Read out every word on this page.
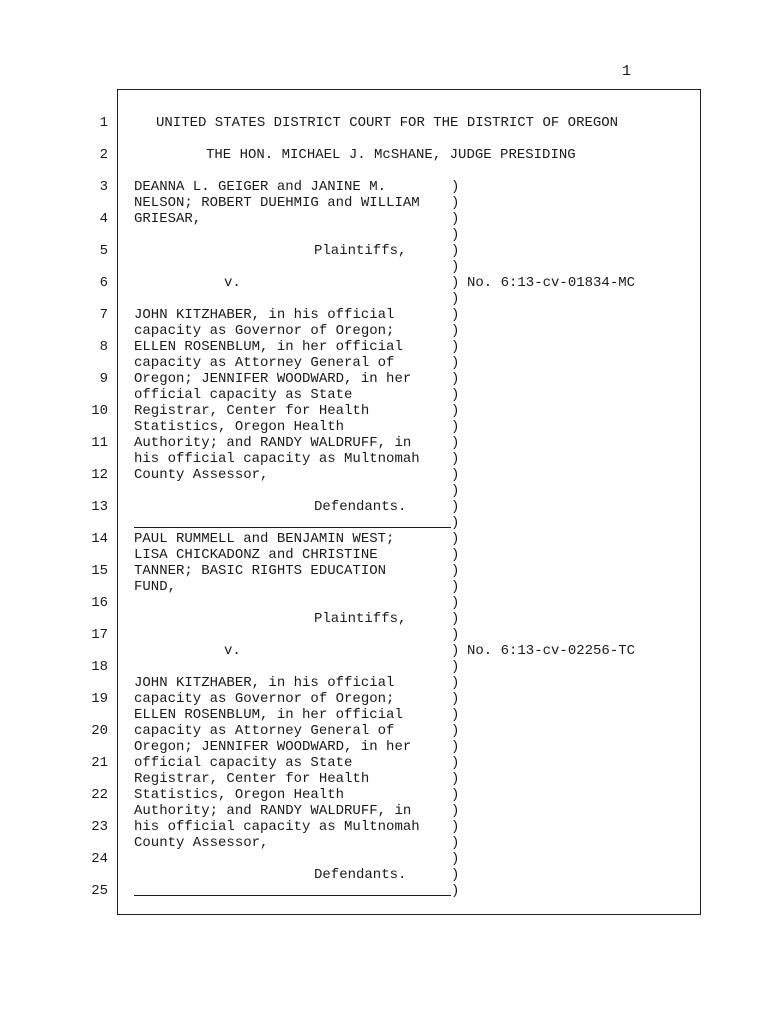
1
1
2
3
4
5
6
7
8
9
10
11
12
13
14
15
16
17
18
19
20
21
22
23
24
25
UNITED STATES DISTRICT COURT FOR THE DISTRICT OF OREGON
THE HON. MICHAEL J. McSHANE, JUDGE PRESIDING
DEANNA L. GEIGER and JANINE M.
NELSON; ROBERT DUEHMIG and WILLIAM
GRIESAR,
Plaintiffs,
v.	No. 6:13-cv-01834-MC
JOHN KITZHABER, in his official
capacity as Governor of Oregon;
ELLEN ROSENBLUM, in her official
capacity as Attorney General of
Oregon; JENNIFER WOODWARD, in her
official capacity as State
Registrar, Center for Health
Statistics, Oregon Health
Authority; and RANDY WALDRUFF, in
his official capacity as Multnomah
County Assessor,
Defendants.
PAUL RUMMELL and BENJAMIN WEST;
LISA CHICKADONZ and CHRISTINE
TANNER; BASIC RIGHTS EDUCATION
FUND,
Plaintiffs,
v.	No. 6:13-cv-02256-TC
JOHN KITZHABER, in his official
capacity as Governor of Oregon;
ELLEN ROSENBLUM, in her official
capacity as Attorney General of
Oregon; JENNIFER WOODWARD, in her
official capacity as State
Registrar, Center for Health
Statistics, Oregon Health
Authority; and RANDY WALDRUFF, in
his official capacity as Multnomah
County Assessor,
Defendants.
)
)
)
)
)
)
)
)
)
)
)
)
)
)
)
)
)
)
)
)
)
)
)
)
)
)
)
)
)
)
)
)
)
)
)
)
)
)
)
)
)
)
)
)
)
